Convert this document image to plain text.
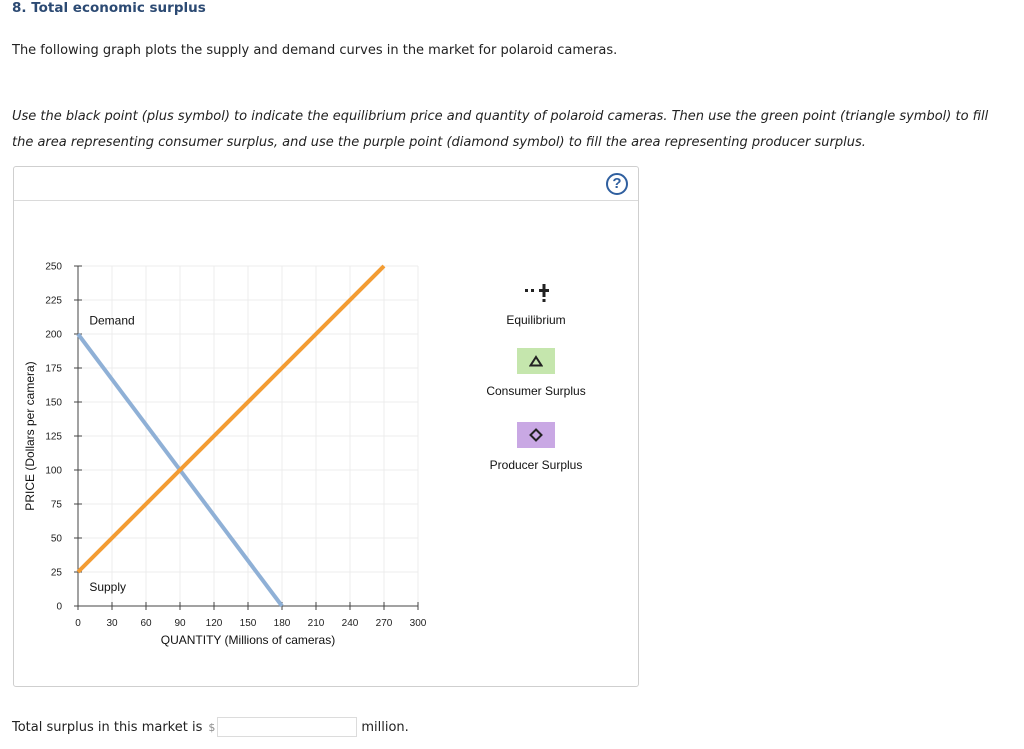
8. Total economic surplus
The following graph plots the supply and demand curves in the market for polaroid cameras.
Use the black point (plus symbol) to indicate the equilibrium price and quantity of polaroid cameras. Then use the green point (triangle symbol) to fill the area representing consumer surplus, and use the purple point (diamond symbol) to fill the area representing producer surplus.
?
0
25
50
75
100
125
150
175
200
225
250
0	30 60 90 120 150 180 210 240 270 300
QUANTITY (Millions of cameras)
PRICE (Dollars per camera)
Demand
Supply
Equilibrium
Consumer Surplus
Producer Surplus
Total surplus in this market is $	million.
